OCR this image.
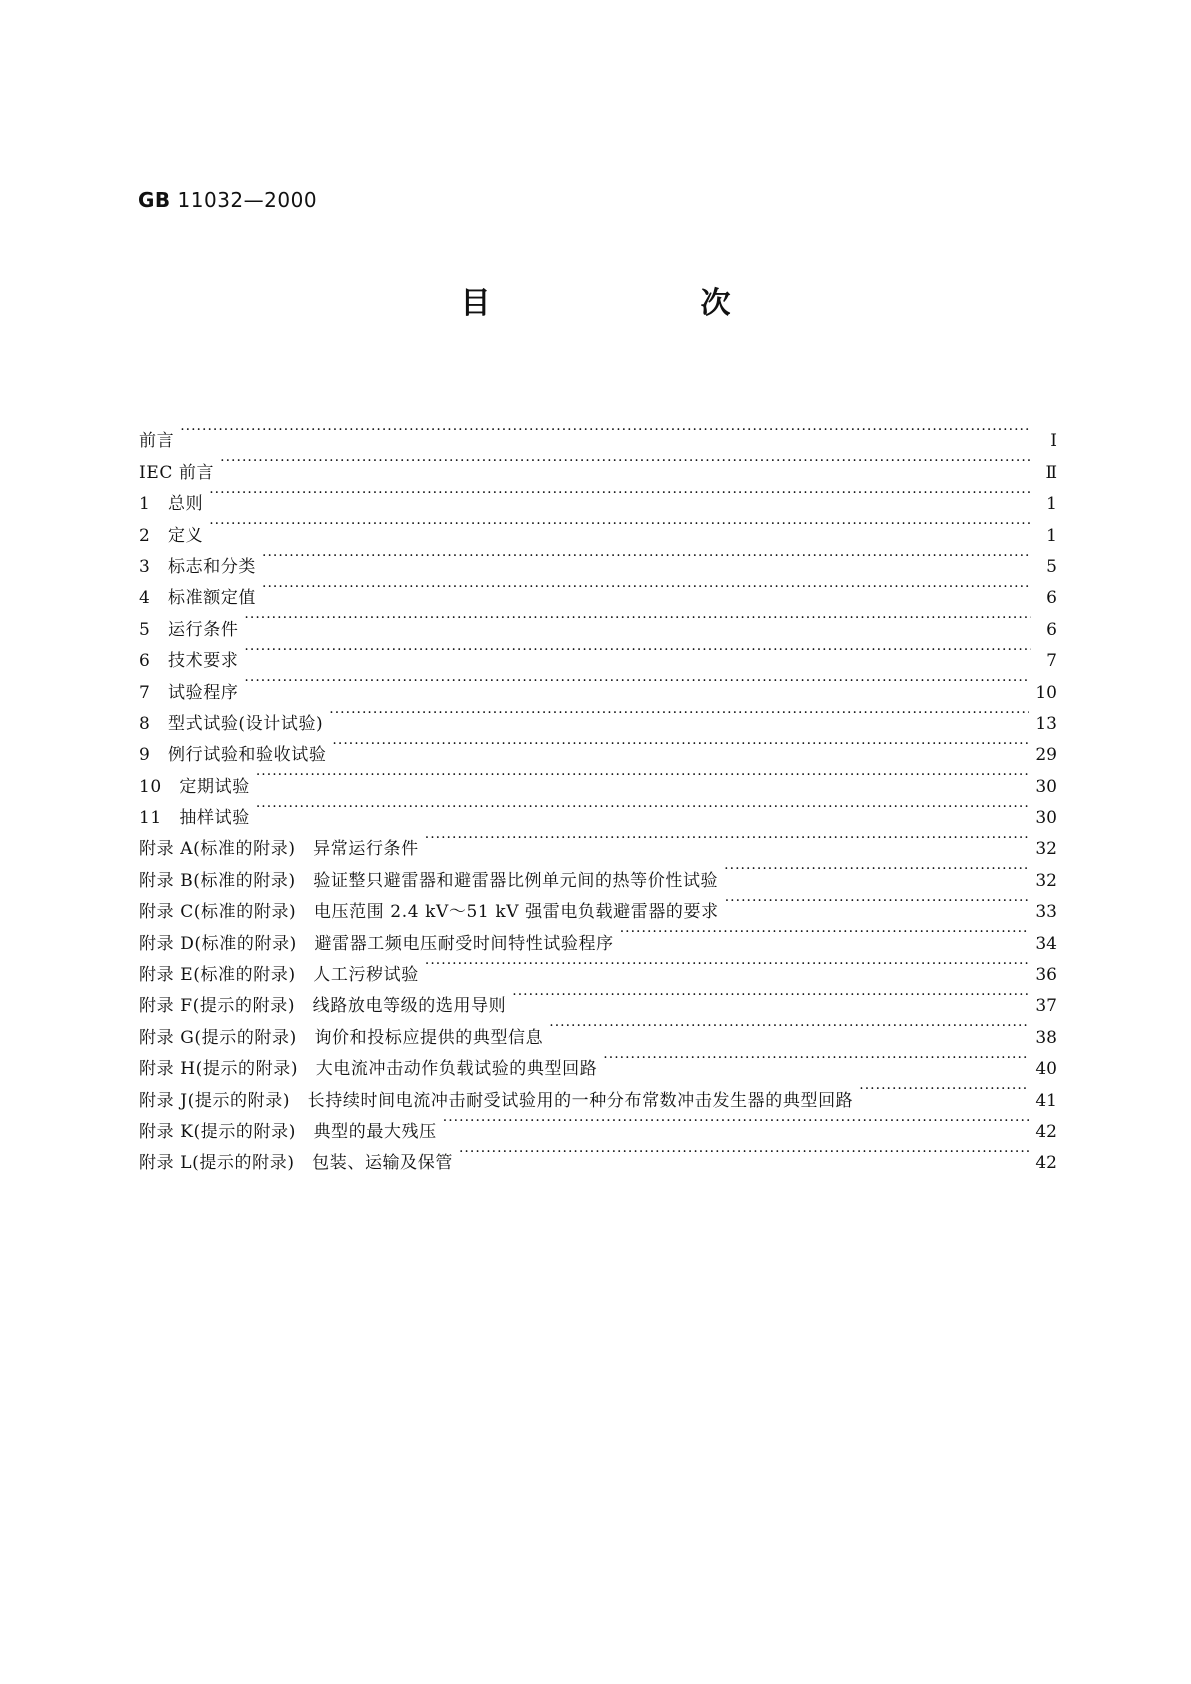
GB 11032—2000
目　次
前言 ·····	Ⅰ
IEC 前言 ·····	Ⅱ
1　总则 ·····	1
2　定义 ·····	1
3　标志和分类 ·····	5
4　标准额定值 ·····	6
5　运行条件 ·····	6
6　技术要求 ·····	7
7　试验程序 ·····	10
8　型式试验(设计试验) ·····	13
9　例行试验和验收试验 ·····	29
10　定期试验 ·····	30
11　抽样试验 ·····	30
附录 A(标准的附录)　异常运行条件 ·····	32
附录 B(标准的附录)　验证整只避雷器和避雷器比例单元间的热等价性试验 ·····	32
附录 C(标准的附录)　电压范围 2.4 kV～51 kV 强雷电负载避雷器的要求 ·····	33
附录 D(标准的附录)　避雷器工频电压耐受时间特性试验程序 ·····	34
附录 E(标准的附录)　人工污秽试验 ·····	36
附录 F(提示的附录)　线路放电等级的选用导则 ·····	37
附录 G(提示的附录)　询价和投标应提供的典型信息 ·····	38
附录 H(提示的附录)　大电流冲击动作负载试验的典型回路 ·····	40
附录 J(提示的附录)　长持续时间电流冲击耐受试验用的一种分布常数冲击发生器的典型回路 ·····	41
附录 K(提示的附录)　典型的最大残压 ·····	42
附录 L(提示的附录)　包装、运输及保管 ·····	42
